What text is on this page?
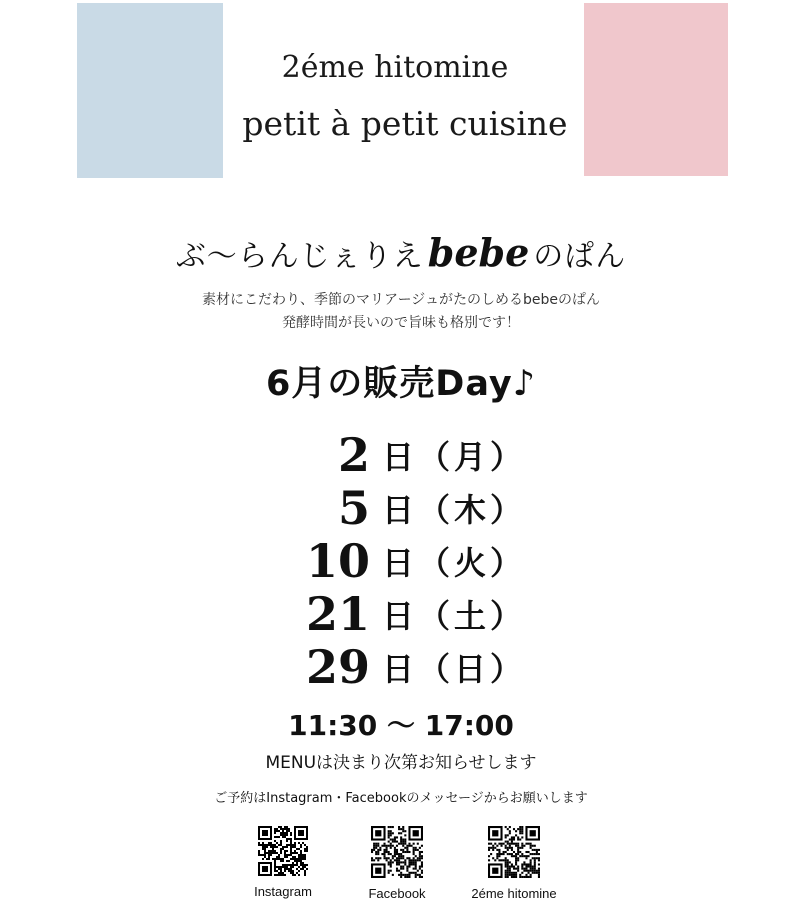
2éme hitomine
petit à petit cuisine
ぶ〜らんじぇりえ bebe のぱん
素材にこだわり、季節のマリアージュがたのしめるbebeのぱん
発酵時間が長いので旨味も格別です！
6月の販売Day♪
2 日（月）
5 日（木）
10 日（火）
21 日（土）
29 日（日）
11:30 〜 17:00
MENUは決まり次第お知らせします
ご予約はInstagram・Facebookのメッセージからお願いします
Instagram	Facebook	2éme hitomine
